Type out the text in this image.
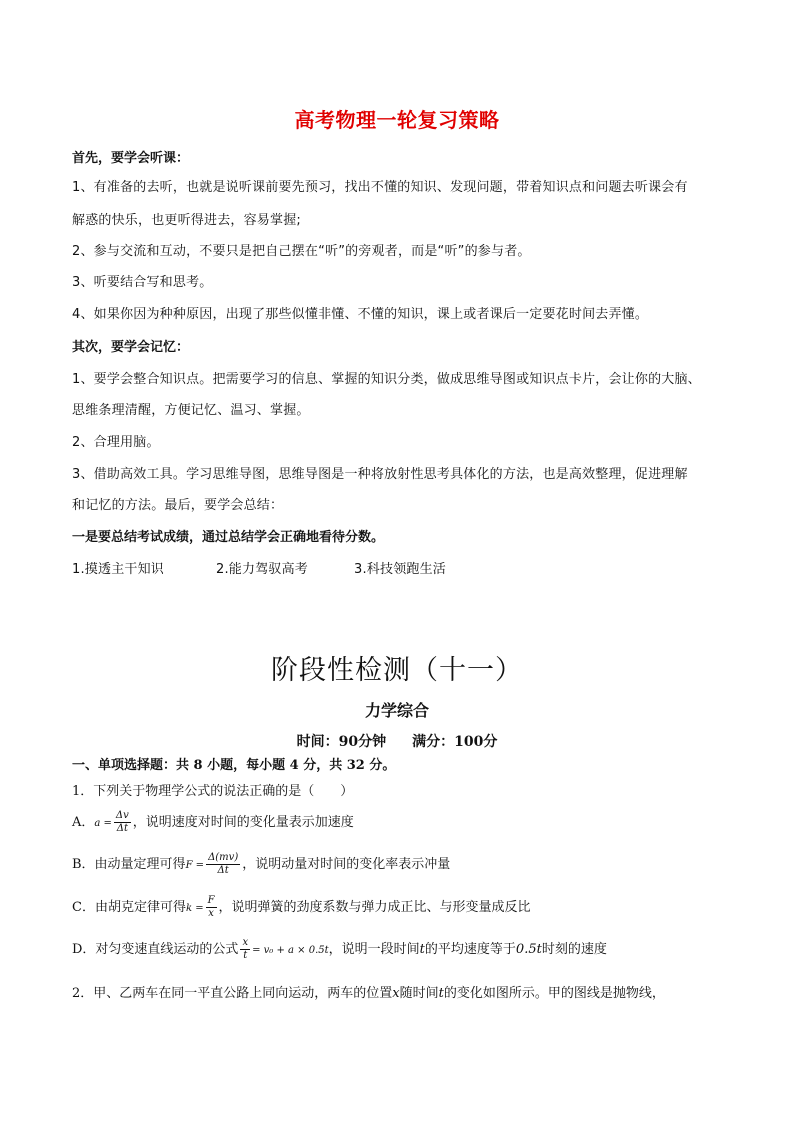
高考物理一轮复习策略
首先，要学会听课：
1、有准备的去听，也就是说听课前要先预习，找出不懂的知识、发现问题，带着知识点和问题去听课会有
解惑的快乐，也更听得进去，容易掌握;
2、参与交流和互动，不要只是把自己摆在“听”的旁观者，而是“听”的参与者。
3、听要结合写和思考。
4、如果你因为种种原因，出现了那些似懂非懂、不懂的知识，课上或者课后一定要花时间去弄懂。
其次，要学会记忆：
1、要学会整合知识点。把需要学习的信息、掌握的知识分类，做成思维导图或知识点卡片，会让你的大脑、
思维条理清醒，方便记忆、温习、掌握。
2、合理用脑。
3、借助高效工具。学习思维导图，思维导图是一种将放射性思考具体化的方法，也是高效整理，促进理解
和记忆的方法。最后，要学会总结：
一是要总结考试成绩，通过总结学会正确地看待分数。
1.摸透主干知识	2.能力驾驭高考	3.科技领跑生活
阶段性检测（十一）
力学综合
时间：90分钟 满分：100分
一、单项选择题：共 8 小题，每小题 4 分，共 32 分。
1．下列关于物理学公式的说法正确的是（　　）
A．$a = \frac{\Delta v}{\Delta t}$ ，说明速度对时间的变化量表示加速度
B．由动量定理可得$F = \frac{\Delta(mv)}{\Delta t}$ ，说明动量对时间的变化率表示冲量
C．由胡克定律可得$k = \frac{F}{x}$ ，说明弹簧的劲度系数与弹力成正比、与形变量成反比
D．对匀变速直线运动的公式 $\frac{x}{t} = v_0 + a \times 0.5t$，说明一段时间t的平均速度等于0.5t时刻的速度
2．甲、乙两车在同一平直公路上同向运动，两车的位置x随时间t的变化如图所示。甲的图线是抛物线，
